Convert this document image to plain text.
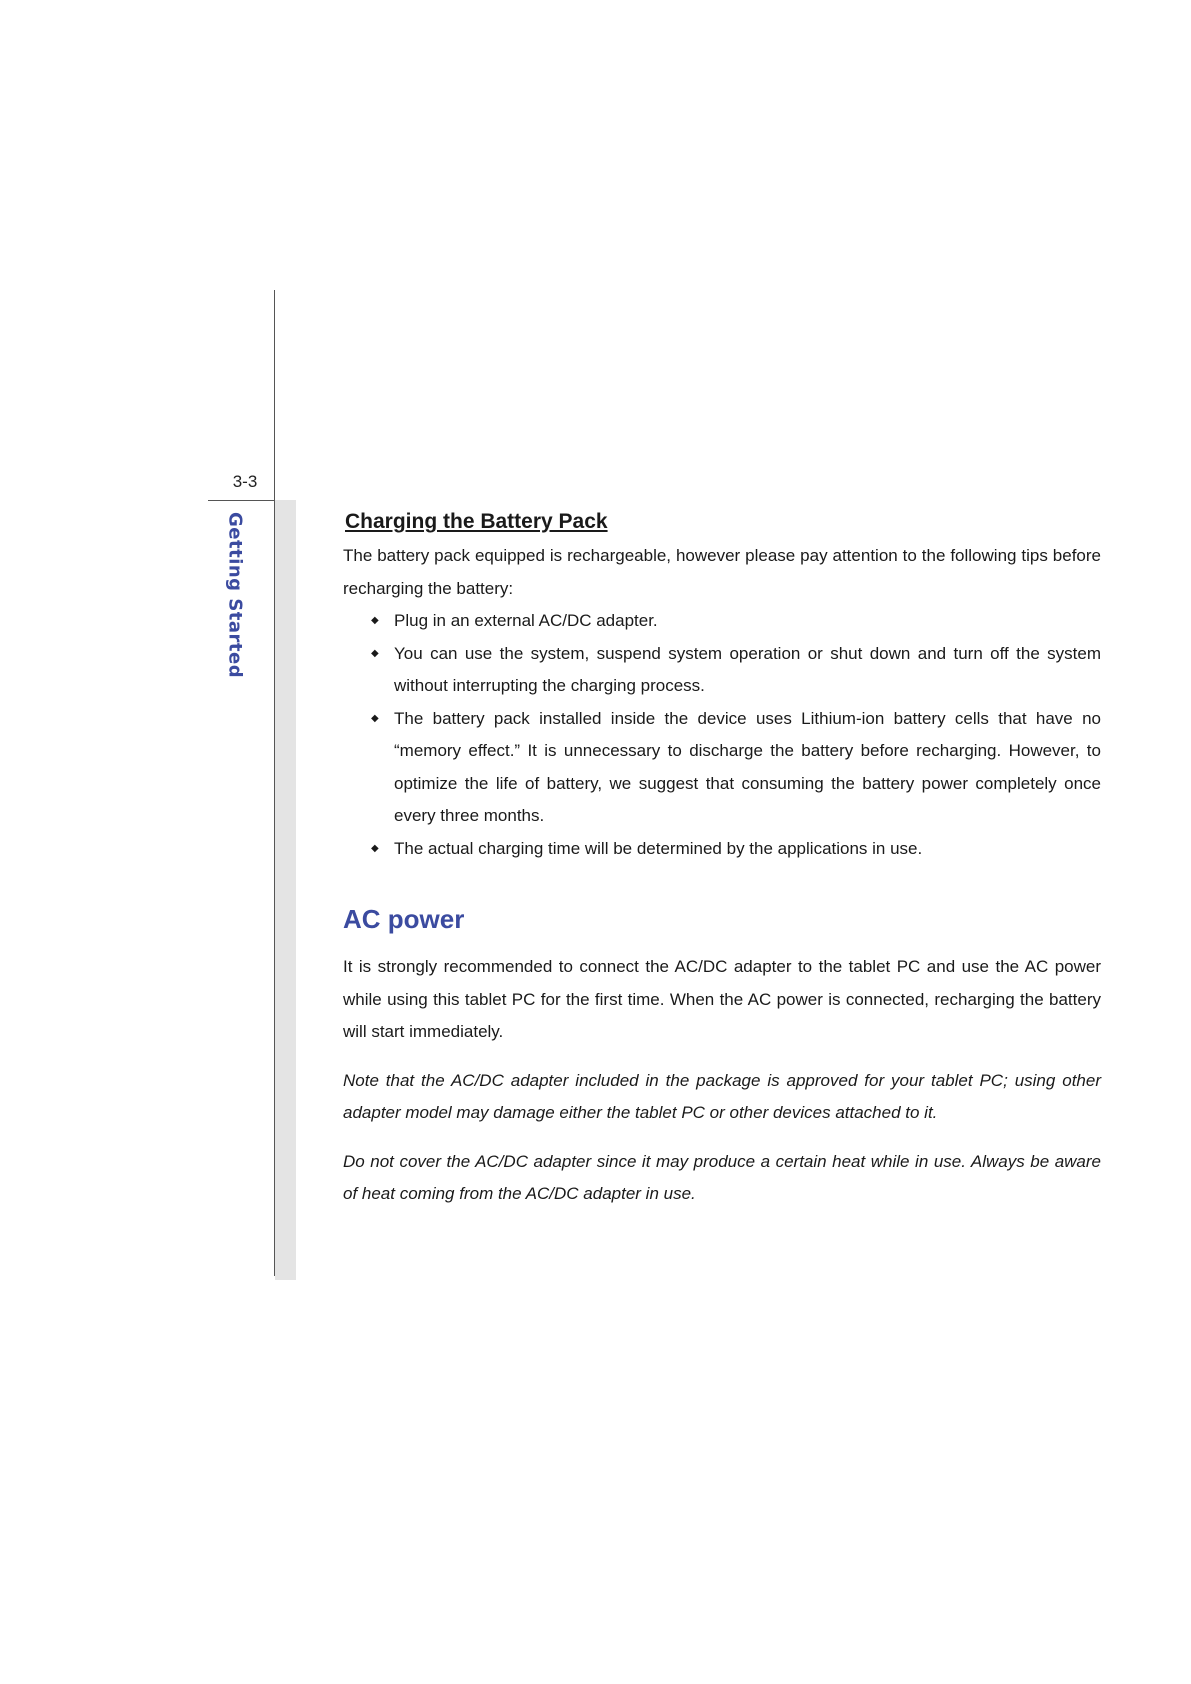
3-3
Getting Started	Charging the Battery Pack

The battery pack equipped is rechargeable, however please pay attention to the following tips before recharging the battery:

◆ Plug in an external AC/DC adapter.
◆ You can use the system, suspend system operation or shut down and turn off the system without interrupting the charging process.
◆ The battery pack installed inside the device uses Lithium-ion battery cells that have no “memory effect.” It is unnecessary to discharge the battery before recharging. However, to optimize the life of battery, we suggest that consuming the battery power completely once every three months.
◆ The actual charging time will be determined by the applications in use.
AC power

It is strongly recommended to connect the AC/DC adapter to the tablet PC and use the AC power while using this tablet PC for the first time. When the AC power is connected, recharging the battery will start immediately.

Note that the AC/DC adapter included in the package is approved for your tablet PC; using other adapter model may damage either the tablet PC or other devices attached to it.

Do not cover the AC/DC adapter since it may produce a certain heat while in use. Always be aware of heat coming from the AC/DC adapter in use.
